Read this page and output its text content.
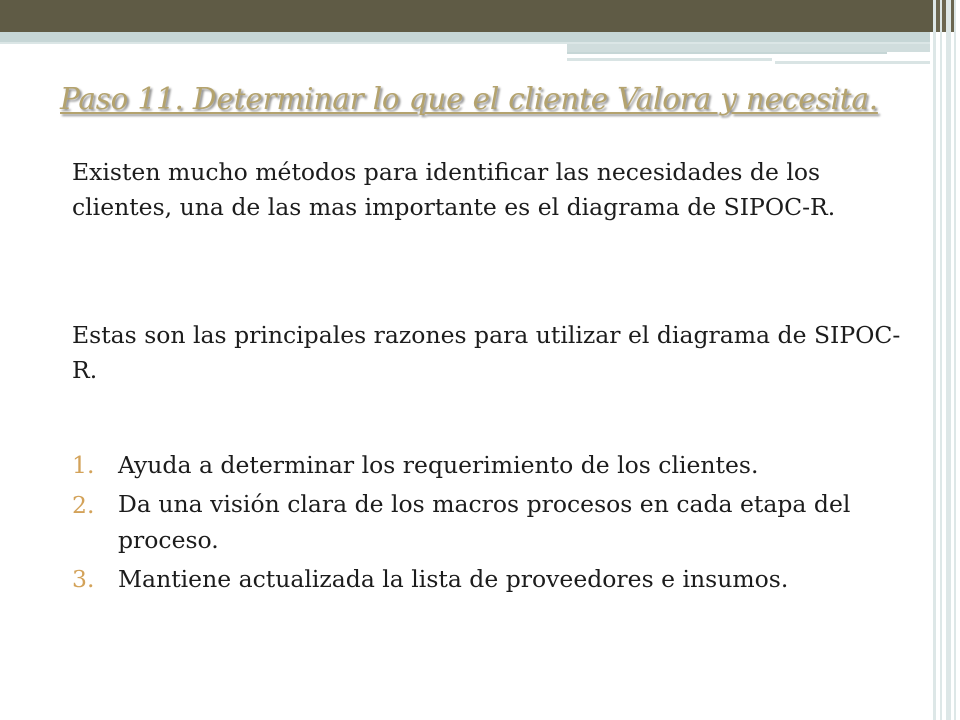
Paso 11. Determinar lo que el cliente Valora y necesita.

Existen mucho métodos para identificar las necesidades de los clientes, una de las mas importante es el diagrama de SIPOC-R.

Estas son las principales razones para utilizar el diagrama de SIPOC-R.

1. Ayuda a determinar los requerimiento de los clientes.
2. Da una visión clara de los macros procesos en cada etapa del proceso.
3. Mantiene actualizada la lista de proveedores e insumos.
